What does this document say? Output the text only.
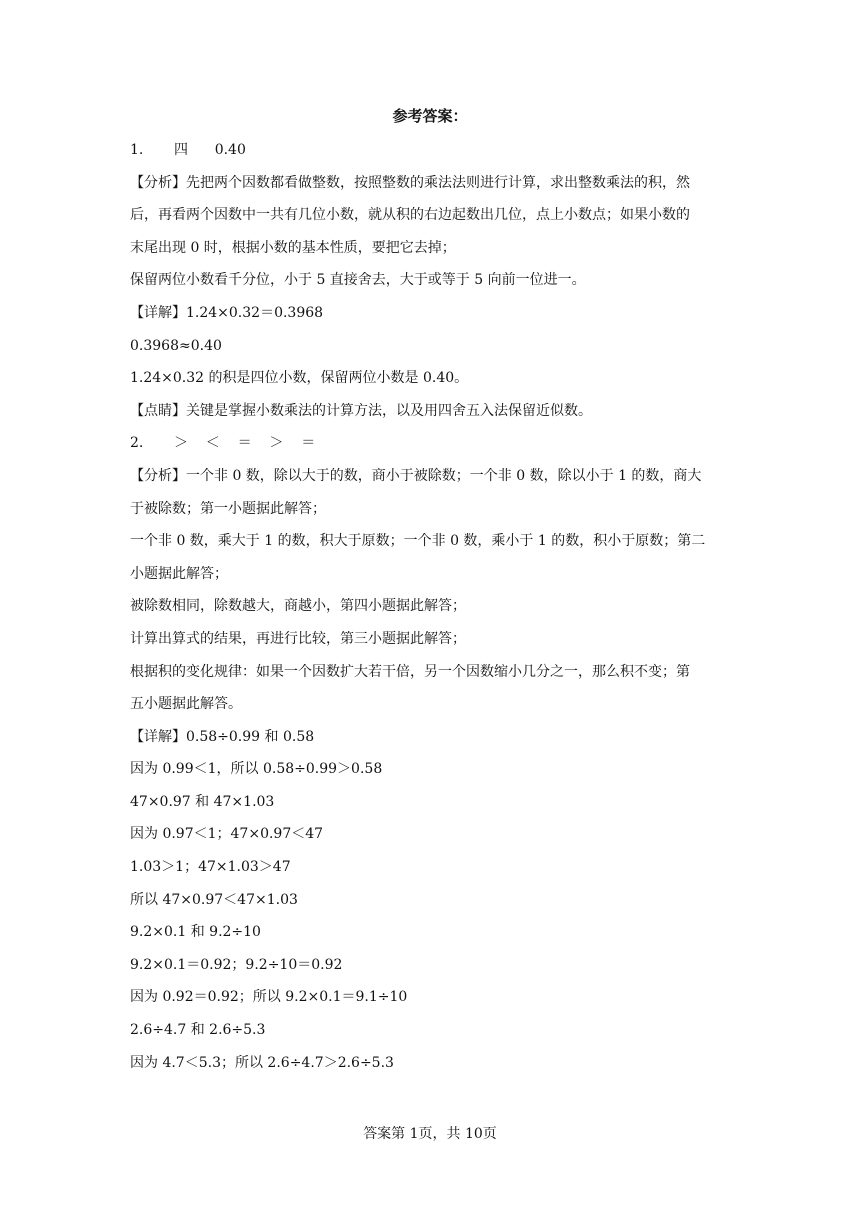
参考答案：
1. 四      0.40
【分析】先把两个因数都看做整数，按照整数的乘法法则进行计算，求出整数乘法的积，然
后，再看两个因数中一共有几位小数，就从积的右边起数出几位，点上小数点；如果小数的
末尾出现 0 时，根据小数的基本性质，要把它去掉；
保留两位小数看千分位，小于 5 直接舍去，大于或等于 5 向前一位进一。
【详解】1.24×0.32＝0.3968
0.3968≈0.40
1.24×0.32 的积是四位小数，保留两位小数是 0.40。
【点睛】关键是掌握小数乘法的计算方法，以及用四舍五入法保留近似数。
2. ＞    ＜    ＝    ＞    ＝
【分析】一个非 0 数，除以大于的数，商小于被除数；一个非 0 数，除以小于 1 的数，商大
于被除数；第一小题据此解答；
一个非 0 数，乘大于 1 的数，积大于原数；一个非 0 数，乘小于 1 的数，积小于原数；第二
小题据此解答；
被除数相同，除数越大，商越小，第四小题据此解答；
计算出算式的结果，再进行比较，第三小题据此解答；
根据积的变化规律：如果一个因数扩大若干倍，另一个因数缩小几分之一，那么积不变；第
五小题据此解答。
【详解】0.58÷0.99 和 0.58
因为 0.99＜1，所以 0.58÷0.99＞0.58
47×0.97 和 47×1.03
因为 0.97＜1；47×0.97＜47
1.03＞1；47×1.03＞47
所以 47×0.97＜47×1.03
9.2×0.1 和 9.2÷10
9.2×0.1＝0.92；9.2÷10＝0.92
因为 0.92＝0.92；所以 9.2×0.1＝9.1÷10
2.6÷4.7 和 2.6÷5.3
因为 4.7＜5.3；所以 2.6÷4.7＞2.6÷5.3
答案第 1页，共 10页
